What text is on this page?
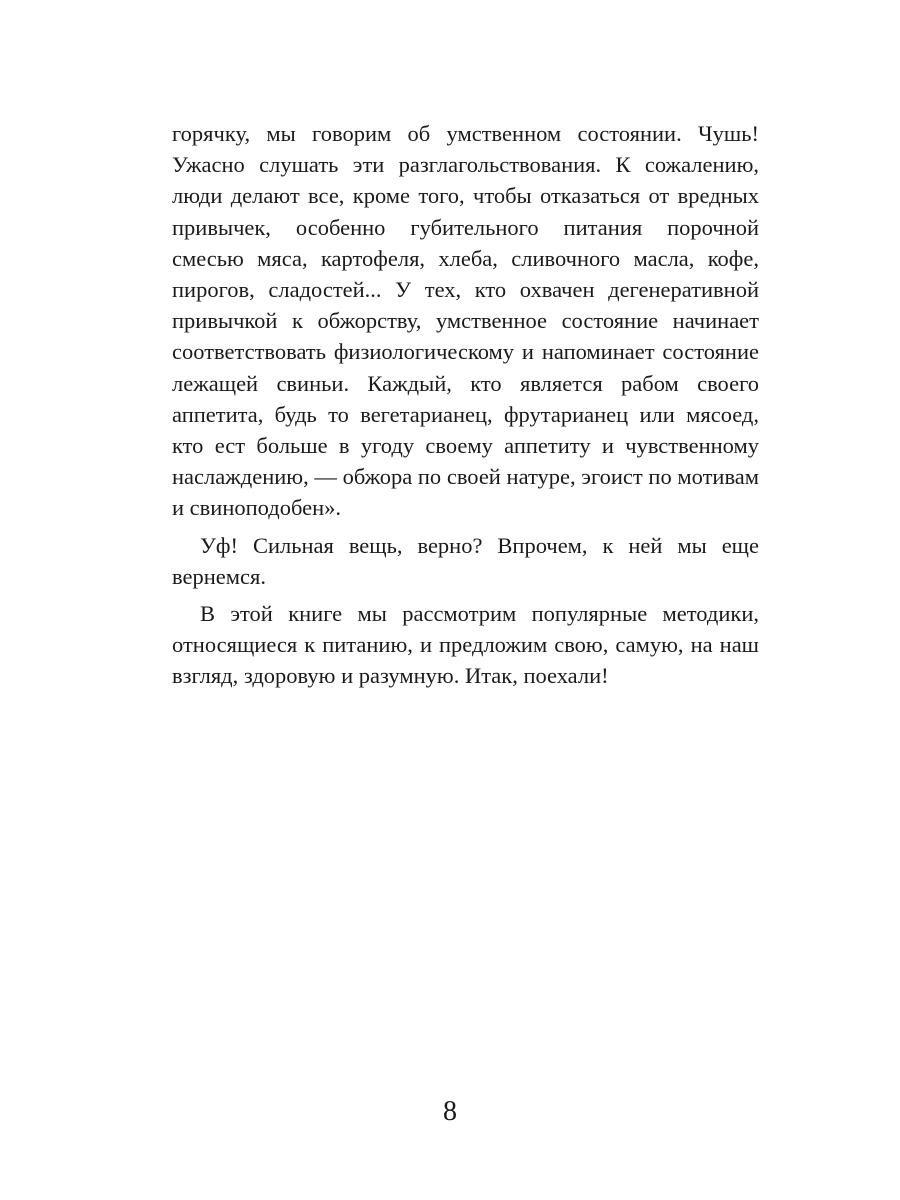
горячку, мы говорим об умственном состоянии. Чушь! Ужасно слушать эти разглагольствования. К сожалению, люди делают все, кроме того, чтобы отказаться от вредных привычек, особенно губительного питания порочной смесью мяса, картофеля, хлеба, сливочного масла, кофе, пирогов, сладостей... У тех, кто охвачен дегенеративной привычкой к обжорству, умственное состояние начинает соответствовать физиологическому и напоминает состояние лежащей свиньи. Каждый, кто является рабом своего аппетита, будь то вегетарианец, фрутарианец или мясоед, кто ест больше в угоду своему аппетиту и чувственному наслаждению, — обжора по своей натуре, эгоист по мотивам и свиноподобен».

Уф! Сильная вещь, верно? Впрочем, к ней мы еще вернемся.

В этой книге мы рассмотрим популярные методики, относящиеся к питанию, и предложим свою, самую, на наш взгляд, здоровую и разумную. Итак, поехали!

8
